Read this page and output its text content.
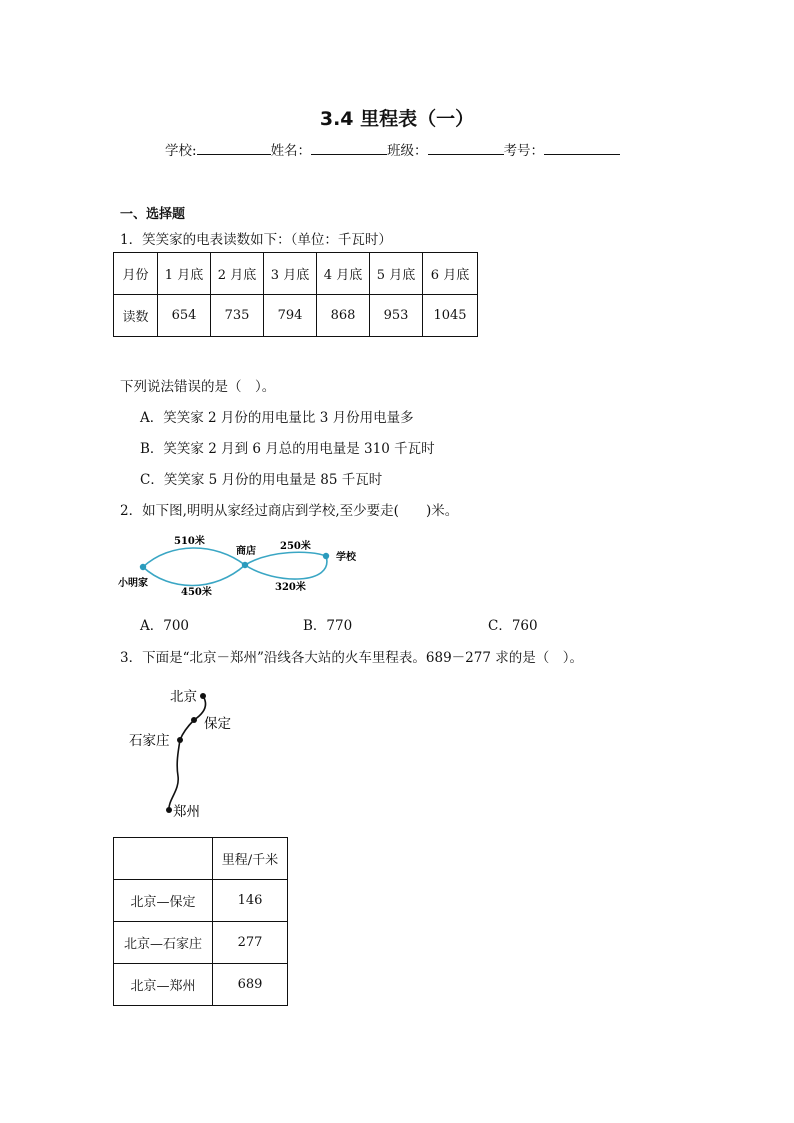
3.4 里程表（一）
学校:	姓名：	班级：	考号：
一、选择题
1．笑笑家的电表读数如下：（单位：千瓦时）
月份	1 月底	2 月底	3 月底	4 月底	5 月底	6 月底
读数	654	735	794	868	953	1045
下列说法错误的是（　）。
A．笑笑家 2 月份的用电量比 3 月份用电量多
B．笑笑家 2 月到 6 月总的用电量是 310 千瓦时
C．笑笑家 5 月份的用电量是 85 千瓦时
2．如下图,明明从家经过商店到学校,至少要走(　　)米。
小明家
商店
学校
510米
450米
250米
320米
A．700	B．770	C．760
3．下面是“北京－郑州”沿线各大站的火车里程表。689－277 求的是（　）。
北京
保定
石家庄
郑州
	里程/千米
北京—保定	146
北京—石家庄	277
北京—郑州	689
